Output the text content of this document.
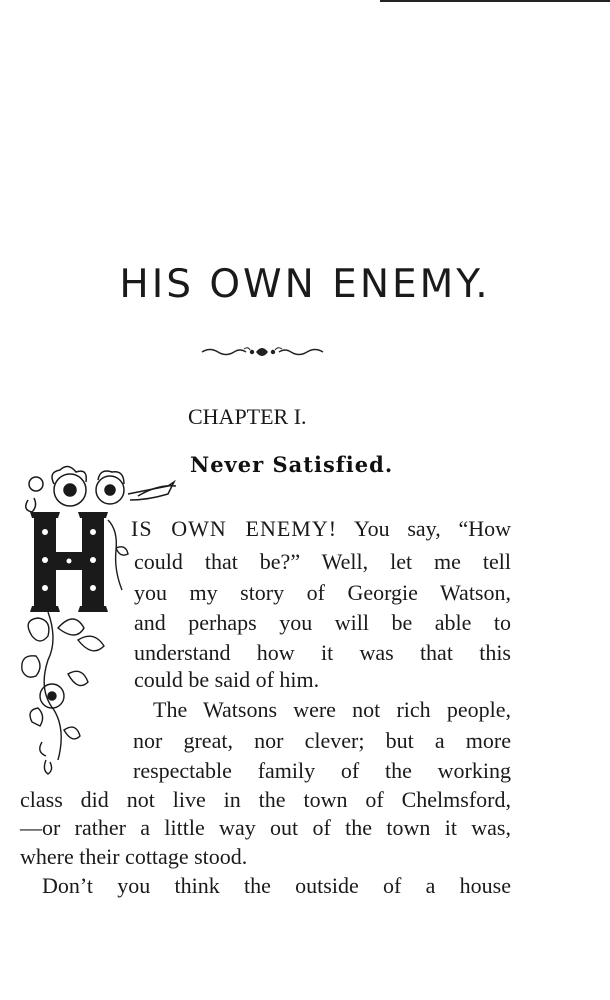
HIS OWN ENEMY.
CHAPTER I.
Never Satisfied.
IS OWN ENEMY! You say, “How
could that be?” Well, let me tell
you my story of Georgie Watson,
and perhaps you will be able to
understand how it was that this
could be said of him.
The Watsons were not rich people,
nor great, nor clever; but a more
respectable family of the working
class did not live in the town of Chelmsford,
—or rather a little way out of the town it was,
where their cottage stood.
Don’t you think the outside of a house
